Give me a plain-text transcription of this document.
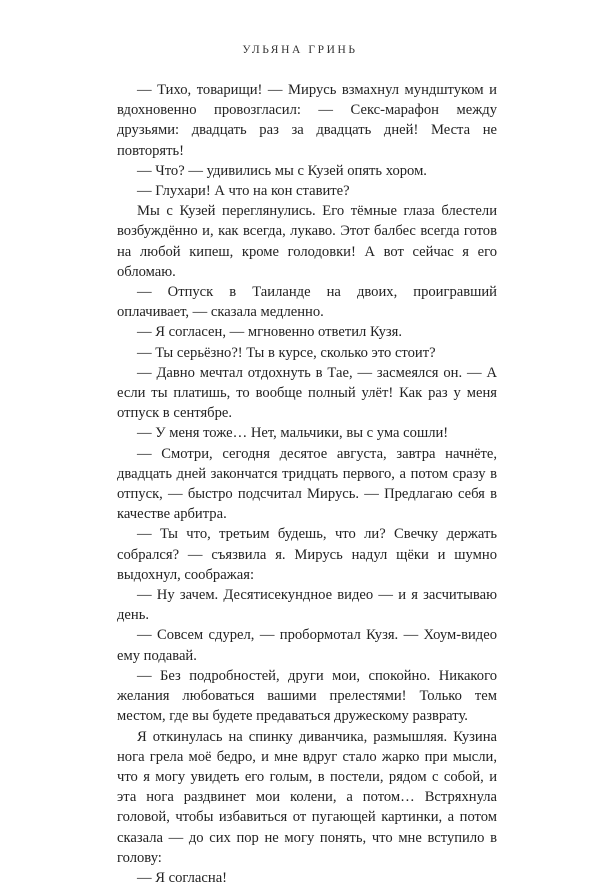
УЛЬЯНА ГРИНЬ

— Тихо, товарищи! — Мирусь взмахнул мундштуком и вдохновенно провозгласил: — Секс-марафон между друзьями: двадцать раз за двадцать дней! Места не повторять!

— Что? — удивились мы с Кузей опять хором.

— Глухари! А что на кон ставите?

Мы с Кузей переглянулись. Его тёмные глаза блестели возбуждённо и, как всегда, лукаво. Этот балбес всегда готов на любой кипеш, кроме голодовки! А вот сейчас я его обломаю.

— Отпуск в Таиланде на двоих, проигравший оплачивает, — сказала медленно.

— Я согласен, — мгновенно ответил Кузя.

— Ты серьёзно?! Ты в курсе, сколько это стоит?

— Давно мечтал отдохнуть в Тае, — засмеялся он. — А если ты платишь, то вообще полный улёт! Как раз у меня отпуск в сентябре.

— У меня тоже… Нет, мальчики, вы с ума сошли!

— Смотри, сегодня десятое августа, завтра начнёте, двадцать дней закончатся тридцать первого, а потом сразу в отпуск, — быстро подсчитал Мирусь. — Предлагаю себя в качестве арбитра.

— Ты что, третьим будешь, что ли? Свечку держать собрался? — съязвила я. Мирусь надул щёки и шумно выдохнул, соображая:

— Ну зачем. Десятисекундное видео — и я засчитываю день.

— Совсем сдурел, — пробормотал Кузя. — Хоум-видео ему подавай.

— Без подробностей, други мои, спокойно. Никакого желания любоваться вашими прелестями! Только тем местом, где вы будете предаваться дружескому разврату.

Я откинулась на спинку диванчика, размышляя. Кузина нога грела моё бедро, и мне вдруг стало жарко при мысли, что я могу увидеть его голым, в постели, рядом с собой, и эта нога раздвинет мои колени, а потом… Встряхнула головой, чтобы избавиться от пугающей картинки, а потом сказала — до сих пор не могу понять, что мне вступило в голову:

— Я согласна!
